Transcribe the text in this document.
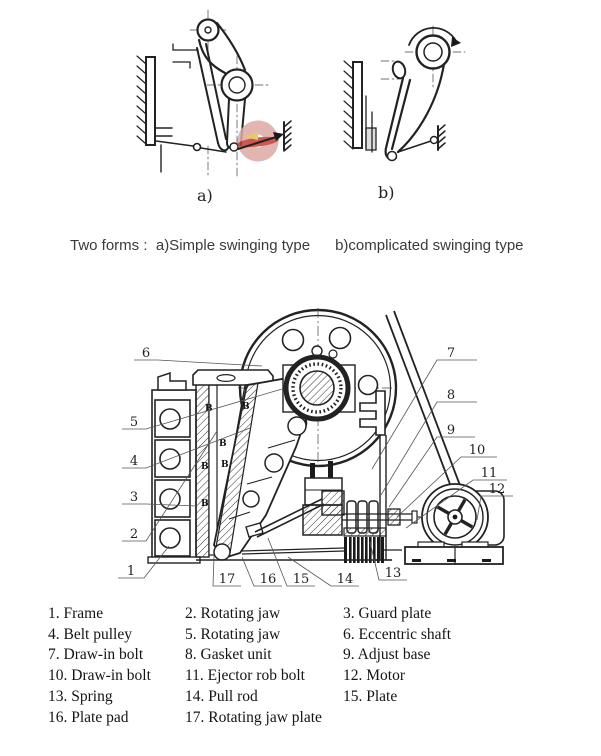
a)	b)
Two forms :  a)Simple swinging type      b)complicated swinging type
B	B
B
B B
B
1
2
3
4
5
6	7
8
9
10
11
12
13
14
15
16
17
1. Frame	2. Rotating jaw	3. Guard plate
4. Belt pulley	5. Rotating jaw	6. Eccentric shaft
7. Draw-in bolt	8. Gasket unit	9. Adjust base
10. Draw-in bolt	11. Ejector rob bolt	12. Motor
13. Spring	14. Pull rod	15. Plate
16. Plate pad	17. Rotating jaw plate
